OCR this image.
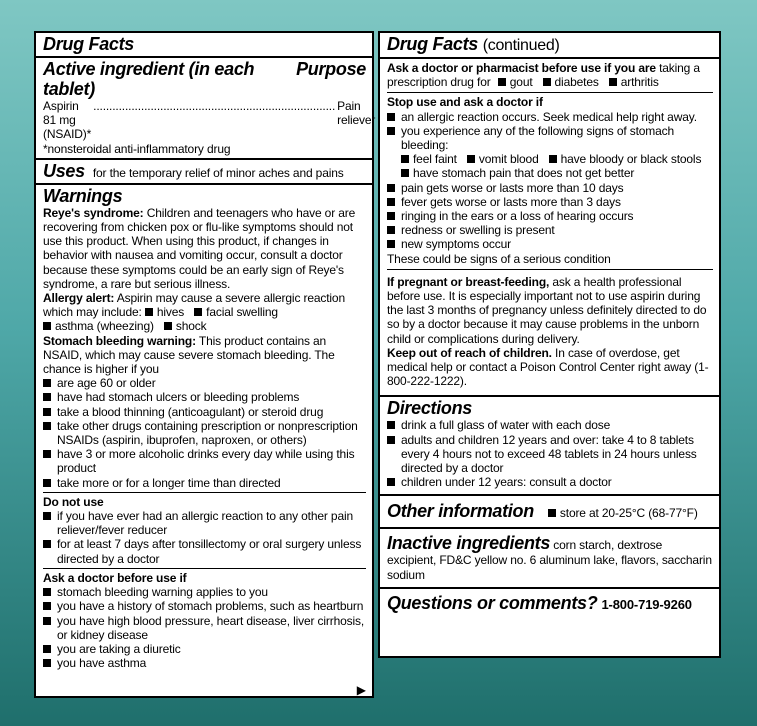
Drug Facts
Active ingredient (in each tablet)
Purpose
Aspirin 81 mg (NSAID)*
............................................................................ Pain reliever
*nonsteroidal anti-inflammatory drug
Uses for the temporary relief of minor aches and pains
Warnings
Reye's syndrome: Children and teenagers who have or are recovering from chicken pox or flu-like symptoms should not use this product. When using this product, if changes in behavior with nausea and vomiting occur, consult a doctor because these symptoms could be an early sign of Reye's syndrome, a rare but serious illness.
Allergy alert: Aspirin may cause a severe allergic reaction which may include: hives facial swelling
asthma (wheezing) shock
Stomach bleeding warning: This product contains an NSAID, which may cause severe stomach bleeding. The chance is higher if you
are age 60 or older
have had stomach ulcers or bleeding problems
take a blood thinning (anticoagulant) or steroid drug
take other drugs containing prescription or nonprescription NSAIDs (aspirin, ibuprofen, naproxen, or others)
have 3 or more alcoholic drinks every day while using this product
take more or for a longer time than directed
Do not use
if you have ever had an allergic reaction to any other pain reliever/fever reducer
for at least 7 days after tonsillectomy or oral surgery unless directed by a doctor
Ask a doctor before use if
stomach bleeding warning applies to you
you have a history of stomach problems, such as heartburn
you have high blood pressure, heart disease, liver cirrhosis, or kidney disease
you are taking a diuretic
you have asthma
▶
Drug Facts (continued)
Ask a doctor or pharmacist before use if you are taking a prescription drug for gout diabetes arthritis
Stop use and ask a doctor if
an allergic reaction occurs. Seek medical help right away.
you experience any of the following signs of stomach bleeding:
feel faint vomit blood have bloody or black stools
have stomach pain that does not get better
pain gets worse or lasts more than 10 days
fever gets worse or lasts more than 3 days
ringing in the ears or a loss of hearing occurs
redness or swelling is present
new symptoms occur
These could be signs of a serious condition
If pregnant or breast-feeding, ask a health professional before use. It is especially important not to use aspirin during the last 3 months of pregnancy unless definitely directed to do so by a doctor because it may cause problems in the unborn child or complications during delivery.
Keep out of reach of children. In case of overdose, get medical help or contact a Poison Control Center right away (1-800-222-1222).
Directions
drink a full glass of water with each dose
adults and children 12 years and over: take 4 to 8 tablets every 4 hours not to exceed 48 tablets in 24 hours unless directed by a doctor
children under 12 years: consult a doctor
Other information	store at 20-25°C (68-77°F)
Inactive ingredients corn starch, dextrose excipient, FD&C yellow no. 6 aluminum lake, flavors, saccharin sodium
Questions or comments? 1-800-719-9260
